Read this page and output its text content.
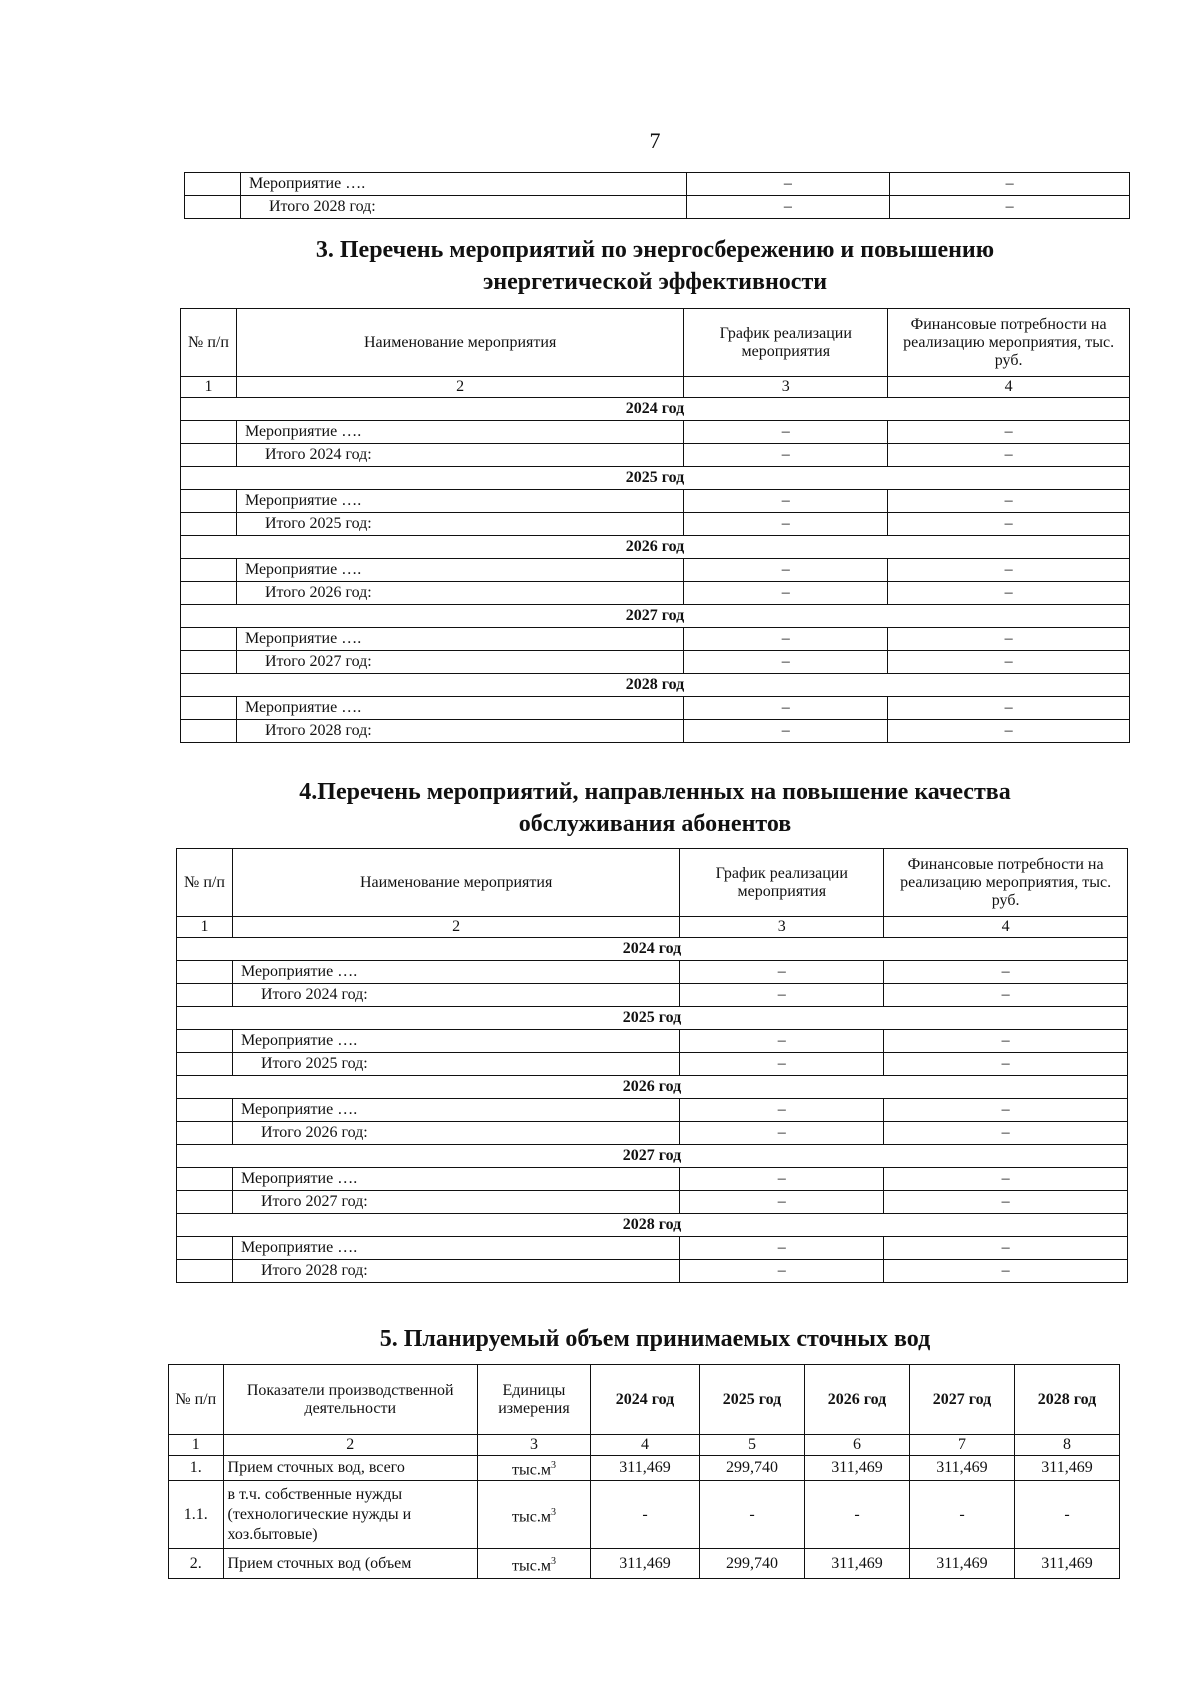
7
	Мероприятие ….	–	–
	Итого 2028 год:	–	–
3. Перечень мероприятий по энергосбережению и повышению
энергетической эффективности
№ п/п	Наименование мероприятия	График реализации мероприятия	Финансовые потребности на реализацию мероприятия, тыс. руб.
1	2	3	4
2024 год			
	Мероприятие ….	–	–
	Итого 2024 год:	–	–
2025 год			
	Мероприятие ….	–	–
	Итого 2025 год:	–	–
2026 год			
	Мероприятие ….	–	–
	Итого 2026 год:	–	–
2027 год			
	Мероприятие ….	–	–
	Итого 2027 год:	–	–
2028 год			
	Мероприятие ….	–	–
	Итого 2028 год:	–	–
4.Перечень мероприятий, направленных на повышение качества
обслуживания абонентов
№ п/п	Наименование мероприятия	График реализации мероприятия	Финансовые потребности на реализацию мероприятия, тыс. руб.
1	2	3	4
2024 год			
	Мероприятие ….	–	–
	Итого 2024 год:	–	–
2025 год			
	Мероприятие ….	–	–
	Итого 2025 год:	–	–
2026 год			
	Мероприятие ….	–	–
	Итого 2026 год:	–	–
2027 год			
	Мероприятие ….	–	–
	Итого 2027 год:	–	–
2028 год			
	Мероприятие ….	–	–
	Итого 2028 год:	–	–
5. Планируемый объем принимаемых сточных вод
№ п/п	Показатели производственной деятельности	Единицы измерения	2024 год	2025 год	2026 год	2027 год	2028 год
1	2	3	4	5	6	7	8
1.	Прием сточных вод, всего	$тыс.м^3$	311,469	299,740	311,469	311,469	311,469
1.1.	в т.ч. собственные нужды (технологические нужды и хоз.бытовые)	$тыс.м^3$	-	-	-	-	-
2.	Прием сточных вод (объем	$тыс.м^3$	311,469	299,740	311,469	311,469	311,469
